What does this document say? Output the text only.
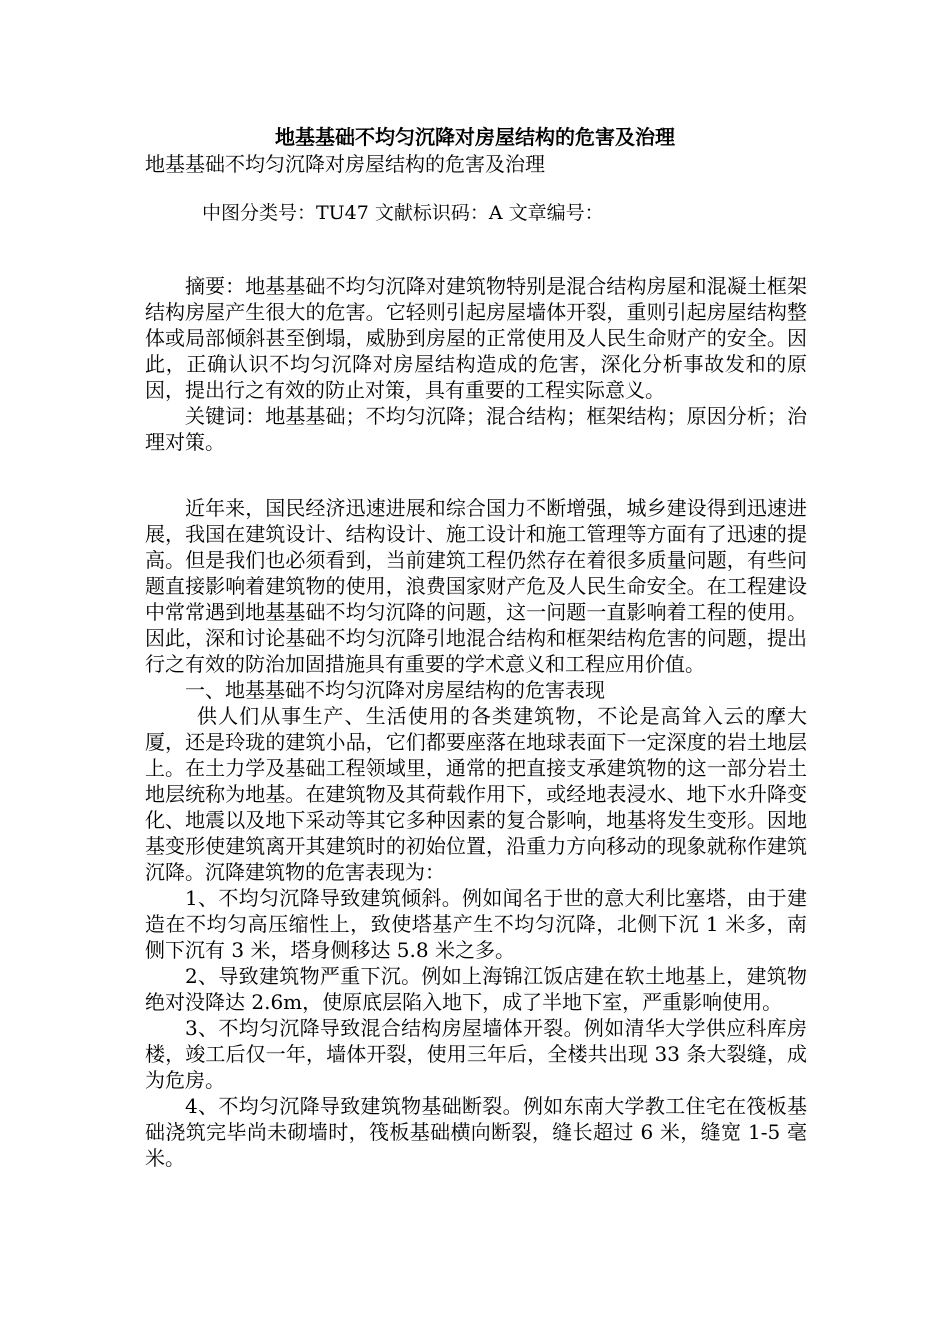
地基基础不均匀沉降对房屋结构的危害及治理
地基基础不均匀沉降对房屋结构的危害及治理
中图分类号：TU47 文献标识码：A 文章编号：

摘要：地基基础不均匀沉降对建筑物特别是混合结构房屋和混凝土框架结构房屋产生很大的危害。它轻则引起房屋墙体开裂，重则引起房屋结构整体或局部倾斜甚至倒塌，威胁到房屋的正常使用及人民生命财产的安全。因此，正确认识不均匀沉降对房屋结构造成的危害，深化分析事故发和的原因，提出行之有效的防止对策，具有重要的工程实际意义。

关键词：地基基础；不均匀沉降；混合结构；框架结构；原因分析；治理对策。

近年来，国民经济迅速进展和综合国力不断增强，城乡建设得到迅速进展，我国在建筑设计、结构设计、施工设计和施工管理等方面有了迅速的提高。但是我们也必须看到，当前建筑工程仍然存在着很多质量问题，有些问题直接影响着建筑物的使用，浪费国家财产危及人民生命安全。在工程建设中常常遇到地基基础不均匀沉降的问题，这一问题一直影响着工程的使用。因此，深和讨论基础不均匀沉降引地混合结构和框架结构危害的问题，提出行之有效的防治加固措施具有重要的学术意义和工程应用价值。

一、地基基础不均匀沉降对房屋结构的危害表现

供人们从事生产、生活使用的各类建筑物，不论是高耸入云的摩大厦，还是玲珑的建筑小品，它们都要座落在地球表面下一定深度的岩土地层上。在土力学及基础工程领域里，通常的把直接支承建筑物的这一部分岩土地层统称为地基。在建筑物及其荷载作用下，或经地表浸水、地下水升降变化、地震以及地下采动等其它多种因素的复合影响，地基将发生变形。因地基变形使建筑离开其建筑时的初始位置，沿重力方向移动的现象就称作建筑沉降。沉降建筑物的危害表现为：

1、不均匀沉降导致建筑倾斜。例如闻名于世的意大利比塞塔，由于建造在不均匀高压缩性上，致使塔基产生不均匀沉降，北侧下沉 1 米多，南侧下沉有 3 米，塔身侧移达 5.8 米之多。

2、导致建筑物严重下沉。例如上海锦江饭店建在软土地基上，建筑物绝对没降达 2.6m，使原底层陷入地下，成了半地下室，严重影响使用。

3、不均匀沉降导致混合结构房屋墙体开裂。例如清华大学供应科库房楼，竣工后仅一年，墙体开裂，使用三年后，全楼共出现 33 条大裂缝，成为危房。

4、不均匀沉降导致建筑物基础断裂。例如东南大学教工住宅在筏板基础浇筑完毕尚未砌墙时，筏板基础横向断裂，缝长超过 6 米，缝宽 1-5 毫米。
